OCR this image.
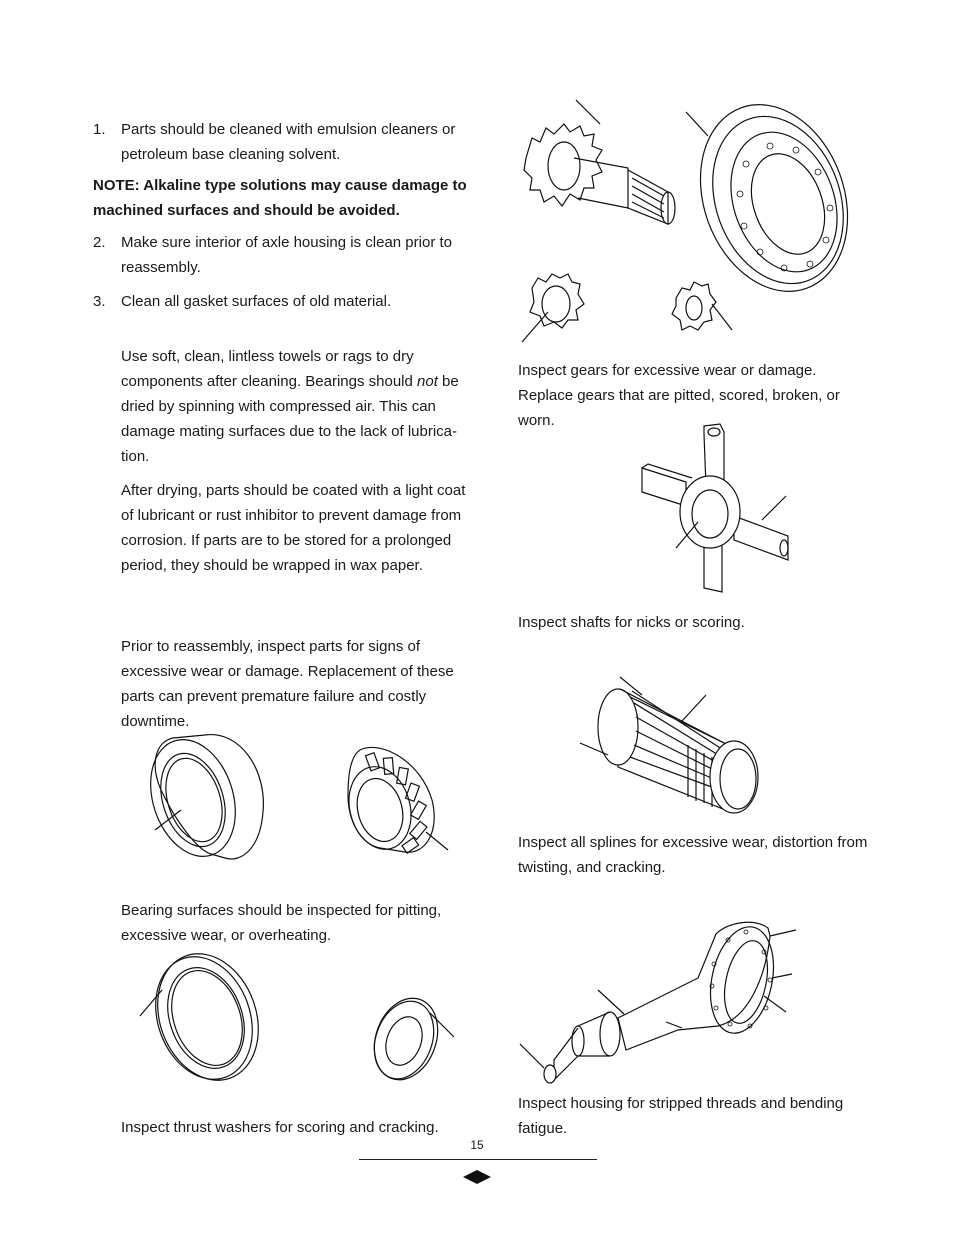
1. Parts should be cleaned with emulsion cleaners or petroleum base cleaning solvent.
NOTE: Alkaline type solutions may cause damage to machined surfaces and should be avoided.
2. Make sure interior of axle housing is clean prior to reassembly.
3. Clean all gasket surfaces of old material.
Use soft, clean, lintless towels or rags to dry components after cleaning. Bearings should not be dried by spinning with compressed air. This can damage mating surfaces due to the lack of lubrica-tion.
After drying, parts should be coated with a light coat of lubricant or rust inhibitor to prevent damage from corrosion. If parts are to be stored for a prolonged period, they should be wrapped in wax paper.
Prior to reassembly, inspect parts for signs of excessive wear or damage. Replacement of these parts can prevent premature failure and costly downtime.
Bearing surfaces should be inspected for pitting, excessive wear, or overheating.
Inspect thrust washers for scoring and cracking.
Inspect gears for excessive wear or damage. Replace gears that are pitted, scored, broken, or worn.
Inspect shafts for nicks or scoring.
Inspect all splines for excessive wear, distortion from twisting, and cracking.
Inspect housing for stripped threads and bending fatigue.
15
